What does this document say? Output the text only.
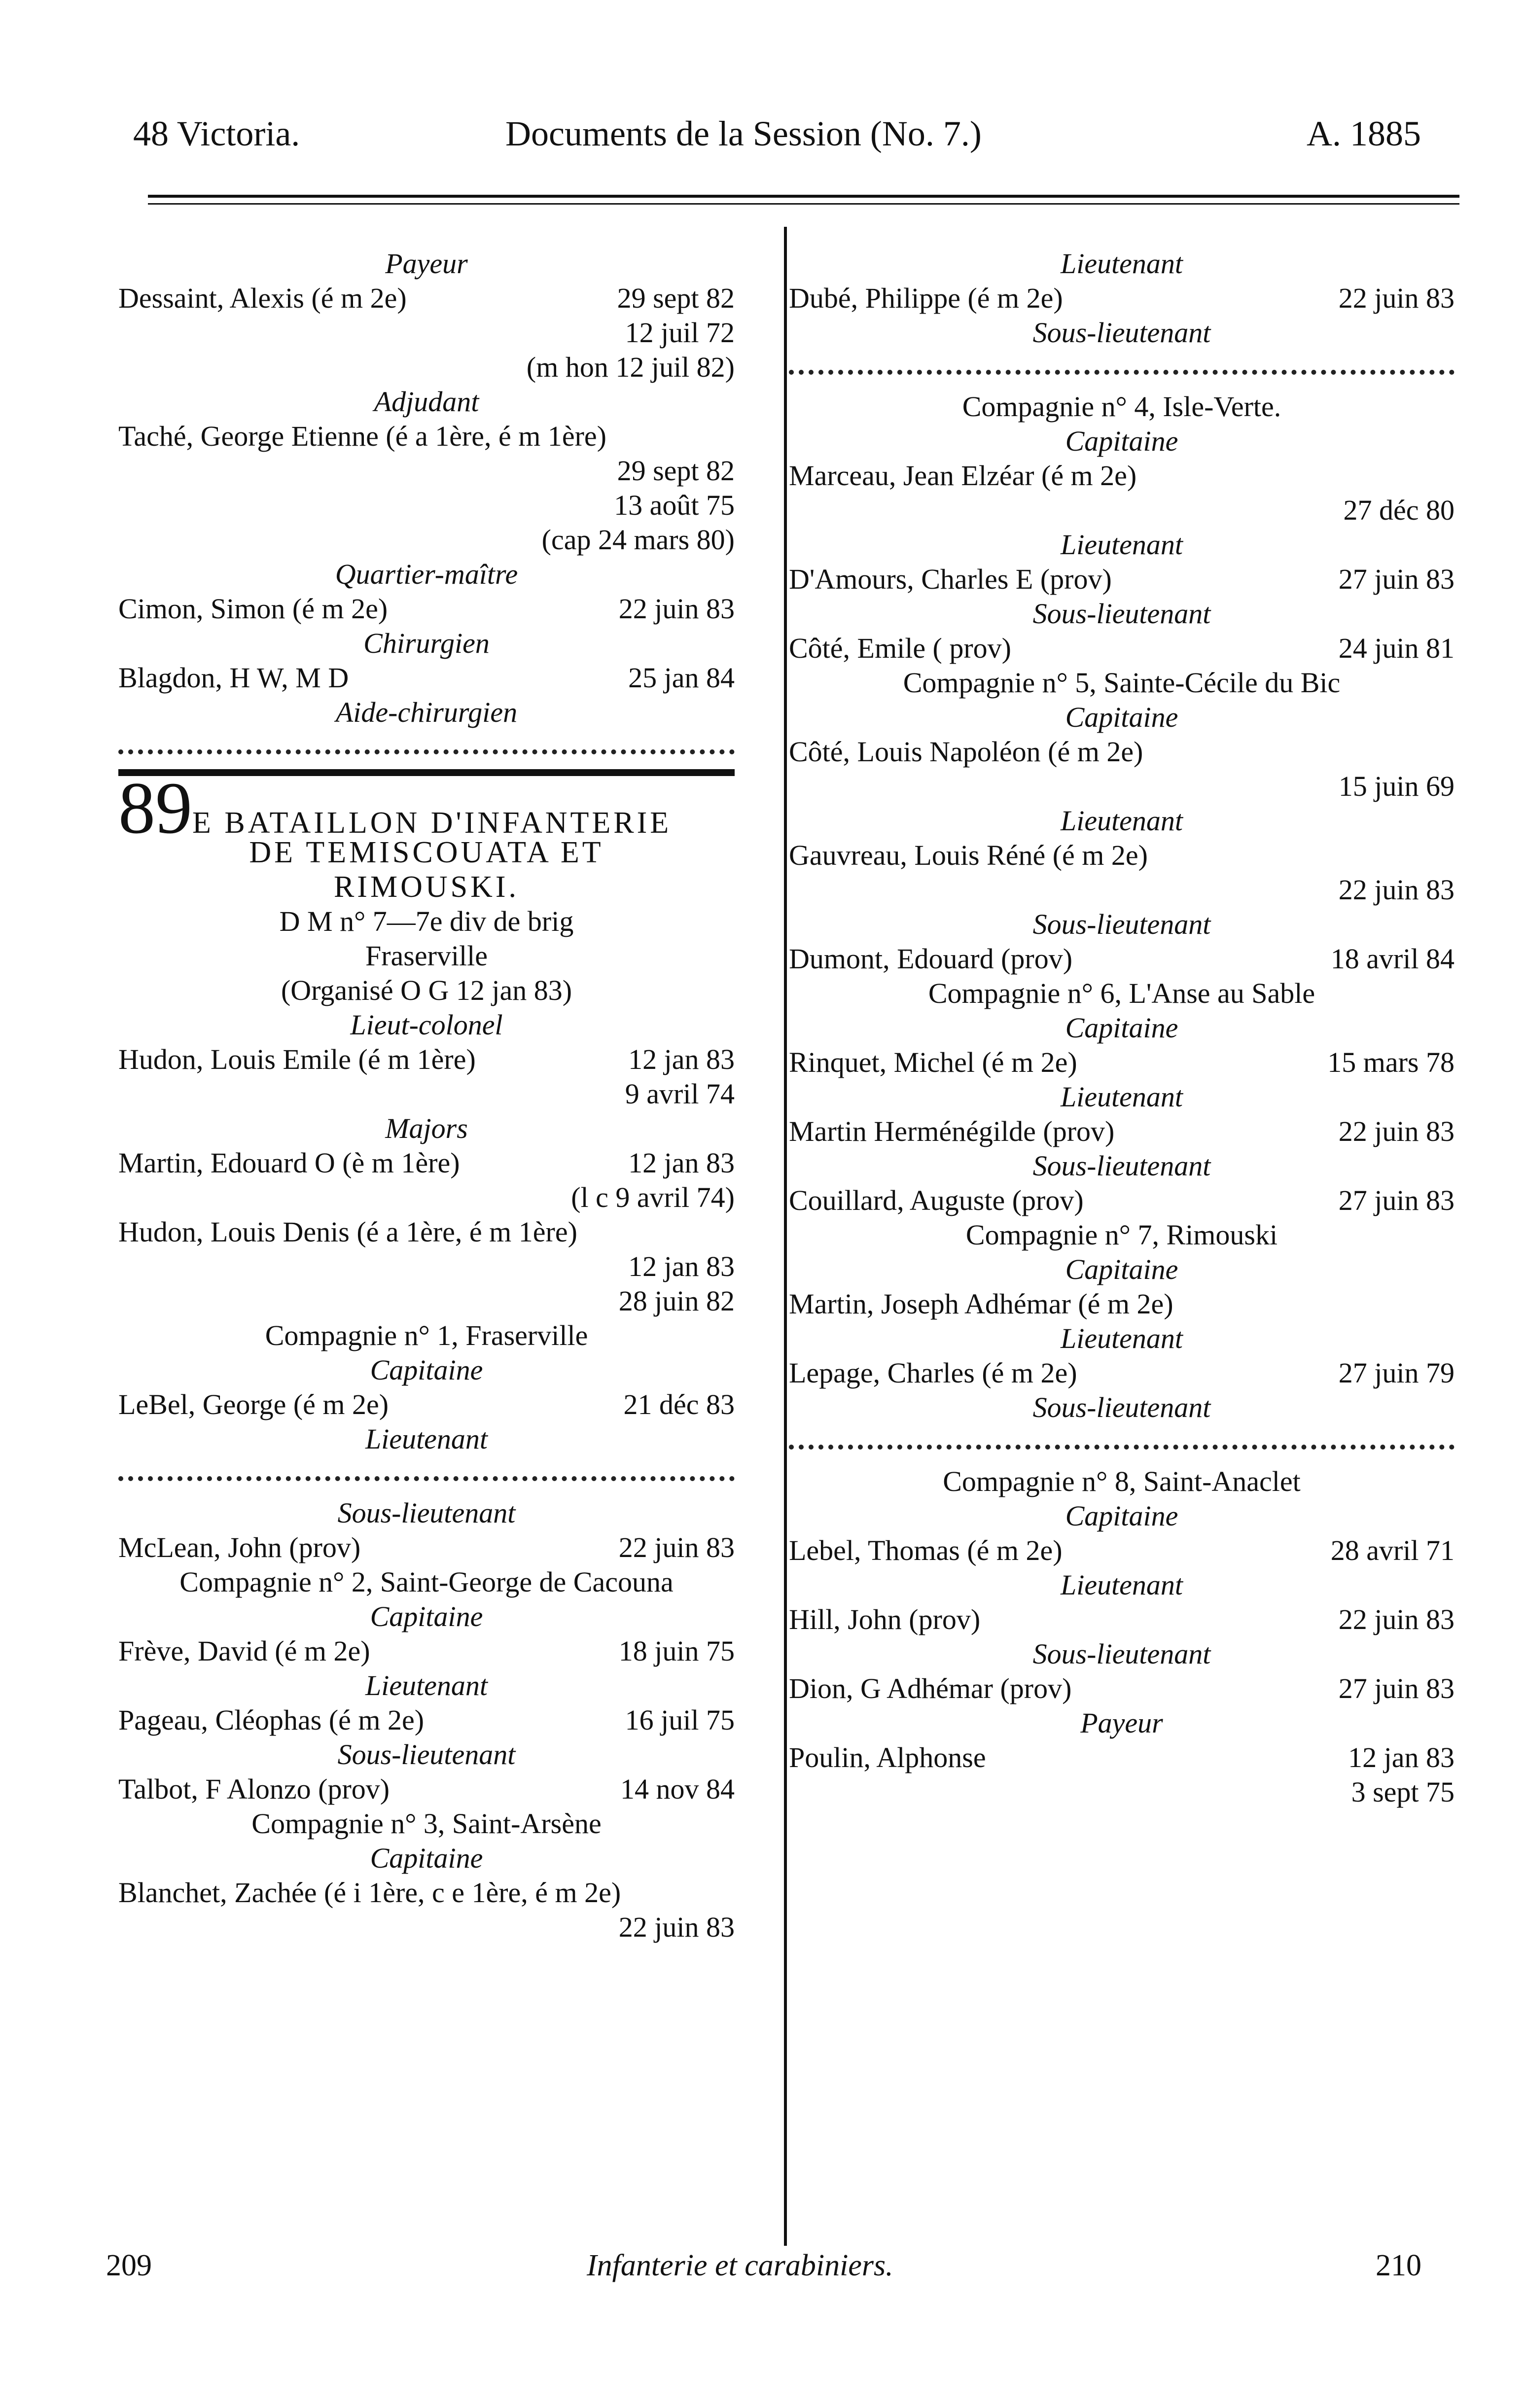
48 Victoria.	Documents de la Session (No. 7.)	A. 1885
Payeur
Dessaint, Alexis (é m 2e)	29 sept 82
12 juil 72
(m hon 12 juil 82)
Adjudant
Taché, George Etienne (é a 1ère, é m 1ère)
29 sept 82
13 août 75
(cap 24 mars 80)
Quartier-maître
Cimon, Simon (é m 2e)	22 juin 83
Chirurgien
Blagdon, H W, M D	25 jan 84
Aide-chirurgien
89E BATAILLON D'INFANTERIE
DE TEMISCOUATA ET
RIMOUSKI.
D M n° 7—7e div de brig
Fraserville
(Organisé O G 12 jan 83)
Lieut-colonel
Hudon, Louis Emile (é m 1ère)	12 jan 83
9 avril 74
Majors
Martin, Edouard O (è m 1ère)	12 jan 83
(l c 9 avril 74)
Hudon, Louis Denis (é a 1ère, é m 1ère)
12 jan 83
28 juin 82
Compagnie n° 1, Fraserville
Capitaine
LeBel, George (é m 2e)	21 déc 83
Lieutenant
Sous-lieutenant
McLean, John (prov)	22 juin 83
Compagnie n° 2, Saint-George de Cacouna
Capitaine
Frève, David (é m 2e)	18 juin 75
Lieutenant
Pageau, Cléophas (é m 2e)	16 juil 75
Sous-lieutenant
Talbot, F Alonzo (prov)	14 nov 84
Compagnie n° 3, Saint-Arsène
Capitaine
Blanchet, Zachée (é i 1ère, c e 1ère, é m 2e)
22 juin 83
Lieutenant
Dubé, Philippe (é m 2e)	22 juin 83
Sous-lieutenant
Compagnie n° 4, Isle-Verte.
Capitaine
Marceau, Jean Elzéar (é m 2e)
27 déc 80
Lieutenant
D'Amours, Charles E (prov)	27 juin 83
Sous-lieutenant
Côté, Emile ( prov)	24 juin 81
Compagnie n° 5, Sainte-Cécile du Bic
Capitaine
Côté, Louis Napoléon (é m 2e)
15 juin 69
Lieutenant
Gauvreau, Louis Réné (é m 2e)
22 juin 83
Sous-lieutenant
Dumont, Edouard (prov)	18 avril 84
Compagnie n° 6, L'Anse au Sable
Capitaine
Rinquet, Michel (é m 2e)	15 mars 78
Lieutenant
Martin Herménégilde (prov)	22 juin 83
Sous-lieutenant
Couillard, Auguste (prov)	27 juin 83
Compagnie n° 7, Rimouski
Capitaine
Martin, Joseph Adhémar (é m 2e)
Lieutenant
Lepage, Charles (é m 2e)	27 juin 79
Sous-lieutenant
Compagnie n° 8, Saint-Anaclet
Capitaine
Lebel, Thomas (é m 2e)	28 avril 71
Lieutenant
Hill, John (prov)	22 juin 83
Sous-lieutenant
Dion, G Adhémar (prov)	27 juin 83
Payeur
Poulin, Alphonse	12 jan 83
3 sept 75
209	Infanterie et carabiniers.	210
